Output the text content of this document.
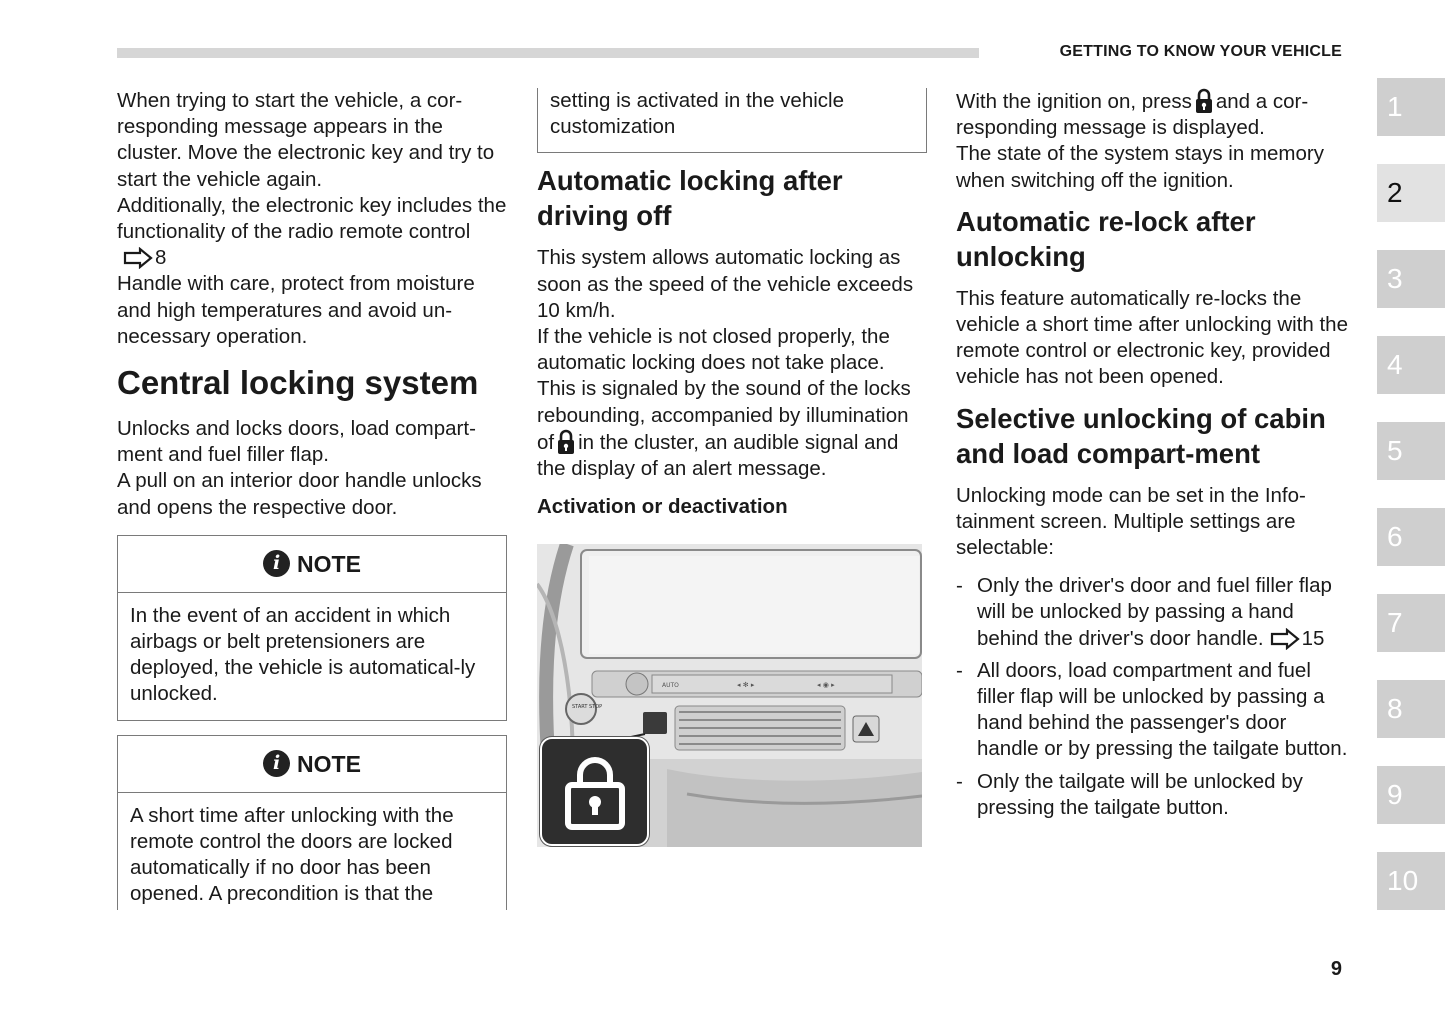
GETTING TO KNOW YOUR VEHICLE

When trying to start the vehicle, a cor-responding message appears in the cluster. Move the electronic key and try to start the vehicle again.

Additionally, the electronic key includes the functionality of the radio remote control8

Handle with care, protect from moisture and high temperatures and avoid un-necessary operation.

Central locking system

Unlocks and locks doors, load compart-ment and fuel filler flap.

A pull on an interior door handle unlocks and opens the respective door.

i NOTE
In the event of an accident in which airbags or belt pretensioners are deployed, the vehicle is automatical-ly unlocked.
i NOTE
A short time after unlocking with the remote control the doors are locked automatically if no door has been opened. A precondition is that the

setting is activated in the vehicle customization

Automatic locking after driving off

This system allows automatic locking as soon as the speed of the vehicle exceeds 10 km/h.

If the vehicle is not closed properly, the automatic locking does not take place. This is signaled by the sound of the locks rebounding, accompanied by illumination of in the cluster, an audible signal and the display of an alert message.

Activation or deactivation
AUTO	◂ ✻ ▸	◂ ◉ ▸
START STOP

With the ignition on, press and a cor-responding message is displayed.

The state of the system stays in memory when switching off the ignition.

Automatic re-lock after unlocking

This feature automatically re-locks the vehicle a short time after unlocking with the remote control or electronic key, provided vehicle has not been opened.

Selective unlocking of cabin and load compart-ment

Unlocking mode can be set in the Info-tainment screen. Multiple settings are selectable:

- Only the driver's door and fuel filler flap will be unlocked by passing a hand behind the driver's door handle. 15
- All doors, load compartment and fuel filler flap will be unlocked by passing a hand behind the passenger's door handle or by pressing the tailgate button.
- Only the tailgate will be unlocked by pressing the tailgate button.
1
2
3
4
5
6
7
8
9
10
9
